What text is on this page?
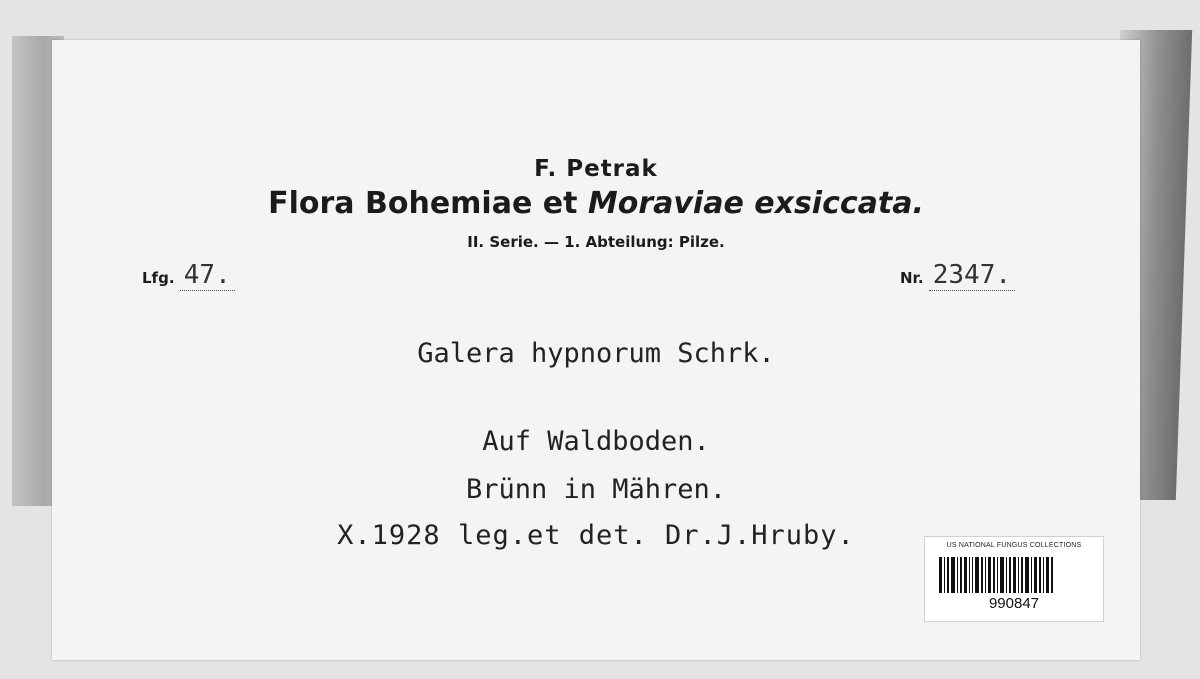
F. Petrak
Flora Bohemiae et Moraviae exsiccata.
II. Serie. — 1. Abteilung: Pilze.
Lfg. 47.	Nr. 2347.
Galera hypnorum Schrk.
Auf Waldboden.
Brünn in Mähren.
X.1928 leg.et det. Dr.J.Hruby.	US NATIONAL FUNGUS COLLECTIONS
990847
